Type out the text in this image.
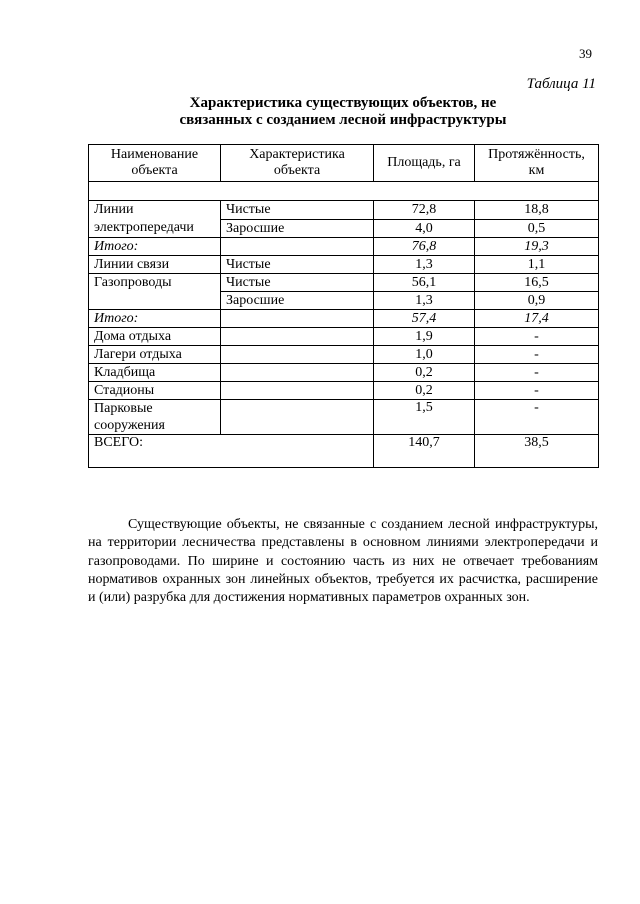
39
Таблица 11
Характеристика существующих объектов, не
связанных с созданием лесной инфраструктуры
Наименование объекта	Характеристика объекта	Площадь, га	Протяжённость, км

Линии электропередачи	Чистые	72,8	18,8
	Заросшие	4,0	0,5
Итого:		76,8	19,3
Линии связи	Чистые	1,3	1,1
Газопроводы	Чистые	56,1	16,5
	Заросшие	1,3	0,9
Итого:		57,4	17,4
Дома отдыха		1,9	-
Лагери отдыха		1,0	-
Кладбища		0,2	-
Стадионы		0,2	-
Парковые сооружения		1,5	-
ВСЕГО:		140,7	38,5

Существующие объекты, не связанные с созданием лесной инфраструктуры, на территории лесничества представлены в основном линиями электропередачи и газопроводами. По ширине и состоянию часть из них не отвечает требованиям нормативов охранных зон линейных объектов, требуется их расчистка, расширение и (или) разрубка для достижения нормативных параметров охранных зон.
